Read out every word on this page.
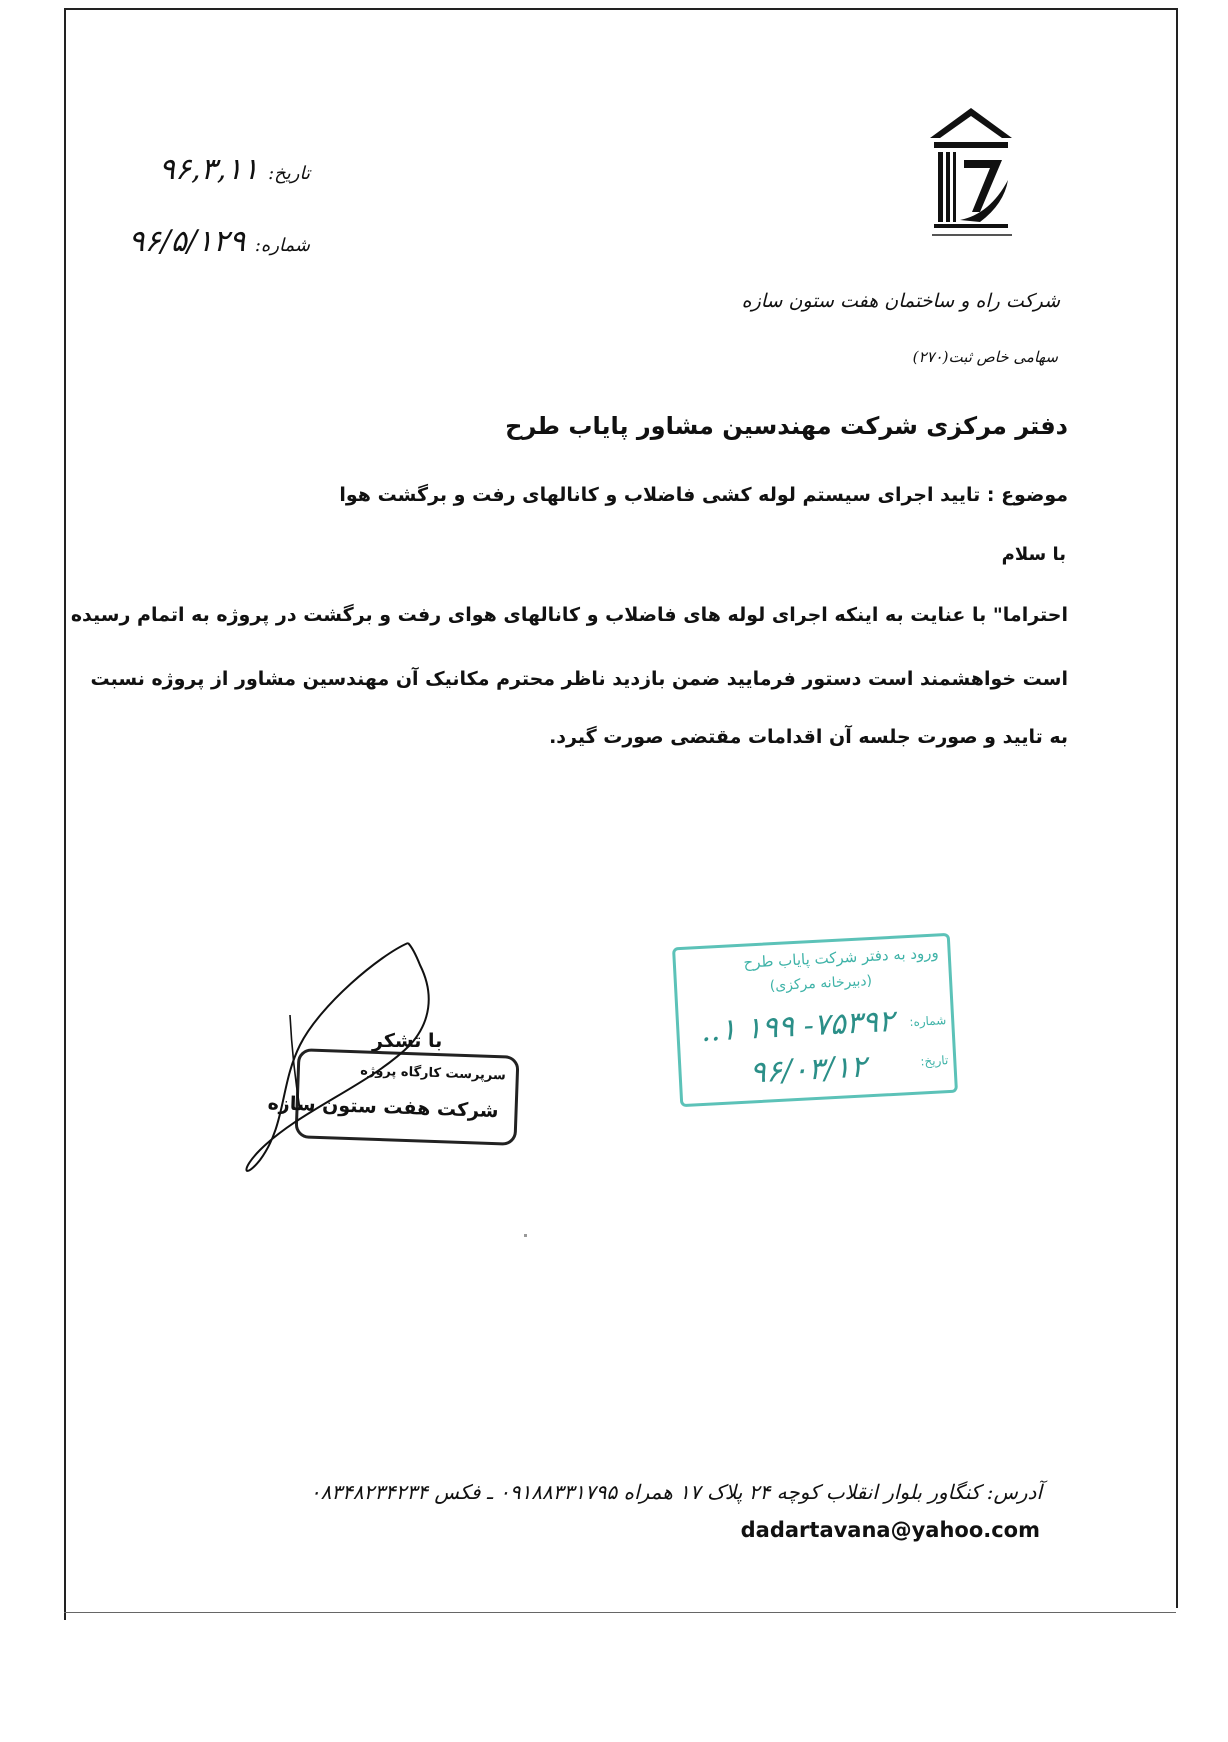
تاریخ: ۹۶,۳,۱۱
شماره: ۹۶/۵/۱۲۹
شرکت راه و ساختمان هفت ستون سازه
سهامی خاص ثبت(۲۷۰)
دفتر مرکزی شرکت مهندسین مشاور پایاب طرح
موضوع : تایید اجرای سیستم لوله کشی فاضلاب و کانالهای رفت و برگشت هوا
با سلام
احتراما" با عنایت به اینکه اجرای لوله های فاضلاب و کانالهای هوای رفت و برگشت در پروژه به اتمام رسیده
است خواهشمند است دستور فرمایید ضمن بازدید ناظر محترم مکانیک آن مهندسین مشاور از پروژه نسبت
به تایید و صورت جلسه آن اقدامات مقتضی صورت گیرد.
ورود به دفتر شرکت پایاب طرح
(دبیرخانه مرکزی)
شماره:
۷۵۳۹۲- ۱۹۹ ۱..
تاریخ:
۹۶/۰۳/۱۲
با تشکر
سرپرست کارگاه پروژه
شرکت هفت ستون سازه
آدرس: کنگاور بلوار انقلاب کوچه ۲۴ پلاک ۱۷ همراه ۰۹۱۸۸۳۳۱۷۹۵ ـ فکس ۰۸۳۴۸۲۳۴۲۳۴
dadartavana@yahoo.com
